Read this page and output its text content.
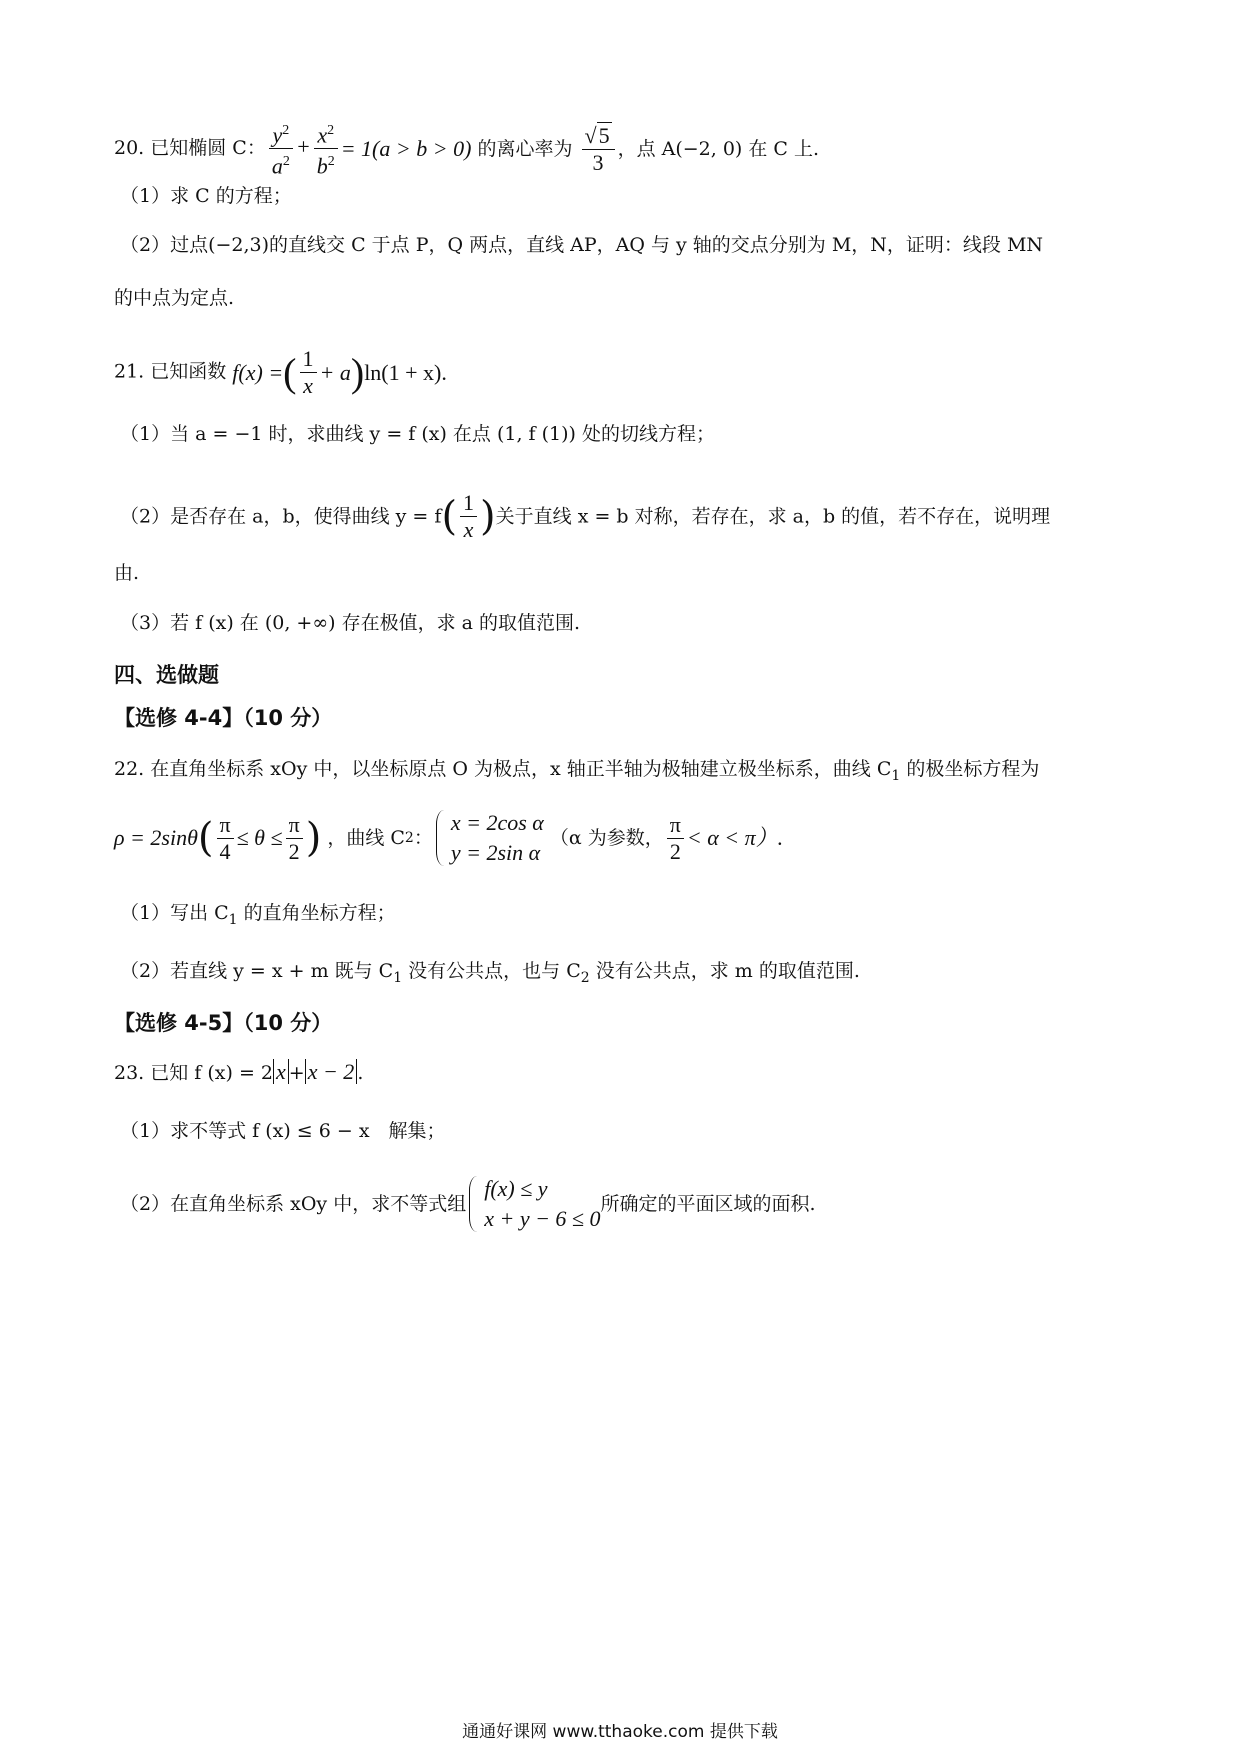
20. 已知椭圆 C： $\frac{y^2}{a^2} + \frac{x^2}{b^2} = 1(a > b > 0)$ 的离心率为 $\frac{√5}{3}$ ，点 A(−2, 0) 在 C 上.
（1）求 C 的方程；
（2）过点(−2,3)的直线交 C 于点 P，Q 两点，直线 AP，AQ 与 y 轴的交点分别为 M，N，证明：线段 MN
的中点为定点.
21. 已知函数 f(x) =( $\frac{1}{x} + a)\ln(1 + x)$.
（1）当 a = −1 时，求曲线 y = f (x) 在点 (1, f (1)) 处的切线方程；
（2）是否存在 a，b，使得曲线 $y = f( \frac{1}{x}$ )关于直线 x = b 对称，若存在，求 a，b 的值，若不存在，说明理
由.
（3）若 f (x) 在 (0, +∞) 存在极值，求 a 的取值范围.
四、选做题
【选修 4-4】（10 分）
22. 在直角坐标系 xOy 中，以坐标原点 O 为极点，x 轴正半轴为极轴建立极坐标系，曲线 $C_1$ 的极坐标方程为
$\rho = 2\sin\theta( \frac{\pi}{4} \le \theta \le \frac{\pi}{2}$ ) ，曲线 C2：
x = 2cos α
y = 2sin α
（α 为参数， $\frac{\pi}{2} < \alpha < \pi$）.
（1）写出 $C_1$ 的直角坐标方程；
（2）若直线 y = x + m 既与 $C_1$ 没有公共点，也与 $C_2$ 没有公共点，求 m 的取值范围.
【选修 4-5】（10 分）
23. 已知 f (x) = 2 x + x − 2 .
（1）求不等式 f (x) ≤ 6 − x　解集；
（2）在直角坐标系 xOy 中，求不等式组
f(x) ≤ y
x + y − 6 ≤ 0
所确定的平面区域的面积.
通通好课网 www.tthaoke.com 提供下载
